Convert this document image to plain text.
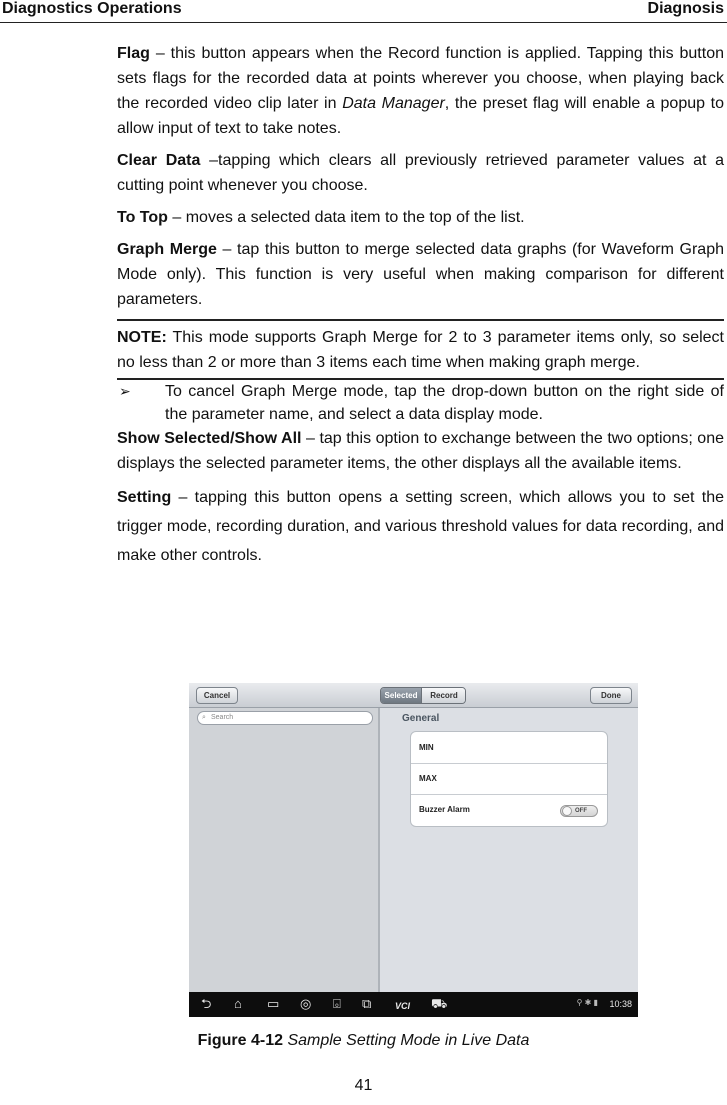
Diagnostics Operations	Diagnosis

Flag – this button appears when the Record function is applied. Tapping this button sets flags for the recorded data at points wherever you choose, when playing back the recorded video clip later in Data Manager, the preset flag will enable a popup to allow input of text to take notes.

Clear Data –tapping which clears all previously retrieved parameter values at a cutting point whenever you choose.

To Top – moves a selected data item to the top of the list.

Graph Merge – tap this button to merge selected data graphs (for Waveform Graph Mode only). This function is very useful when making comparison for different parameters.

NOTE: This mode supports Graph Merge for 2 to 3 parameter items only, so select no less than 2 or more than 3 items each time when making graph merge.

➢ To cancel Graph Merge mode, tap the drop-down button on the right side of the parameter name, and select a data display mode.

Show Selected/Show All – tap this option to exchange between the two options; one displays the selected parameter items, the other displays all the available items.

Setting – tapping this button opens a setting screen, which allows you to set the trigger mode, recording duration, and various threshold values for data recording, and make other controls.

Cancel	Selected	Record	Done
⌕ Search	General
MIN
MAX
Buzzer Alarm	OFF
⮌ ⌂ ▭ ◎ ⌻ ⧉	VCI ⛟	⚲ ✱ ▮ 10:38
Figure 4-12 Sample Setting Mode in Live Data
41
